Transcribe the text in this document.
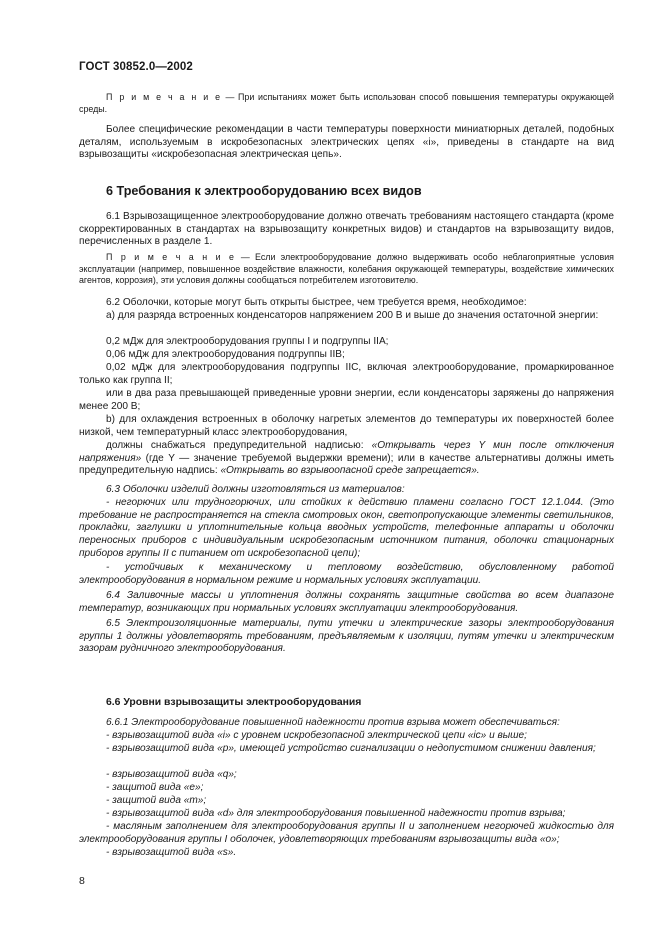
ГОСТ 30852.0—2002

П р и м е ч а н и е — При испытаниях может быть использован способ повышения температуры окружающей среды.

Более специфические рекомендации в части температуры поверхности миниатюрных деталей, подобных деталям, используемым в искробезопасных электрических цепях «i», приведены в стандарте на вид взрывозащиты «искробезопасная электрическая цепь».

6 Требования к электрооборудованию всех видов

6.1 Взрывозащищенное электрооборудование должно отвечать требованиям настоящего стандарта (кроме скорректированных в стандартах на взрывозащиту конкретных видов) и стандартов на взрывозащиту видов, перечисленных в разделе 1.

П р и м е ч а н и е — Если электрооборудование должно выдерживать особо неблагоприятные условия эксплуатации (например, повышенное воздействие влажности, колебания окружающей температуры, воздействие химических агентов, коррозия), эти условия должны сообщаться потребителем изготовителю.

6.2 Оболочки, которые могут быть открыты быстрее, чем требуется время, необходимое:

а) для разряда встроенных конденсаторов напряжением 200 В и выше до значения остаточной энергии:

0,2 мДж для электрооборудования группы I и подгруппы IIA;

0,06 мДж для электрооборудования подгруппы IIB;

0,02 мДж для электрооборудования подгруппы IIC, включая электрооборудование, промаркированное только как группа II;

или в два раза превышающей приведенные уровни энергии, если конденсаторы заряжены до напряжения менее 200 В;

b) для охлаждения встроенных в оболочку нагретых элементов до температуры их поверхностей более низкой, чем температурный класс электрооборудования,

должны снабжаться предупредительной надписью: «Открывать через Y мин после отключения напряжения» (где Y — значение требуемой выдержки времени); или в качестве альтернативы должны иметь предупредительную надпись: «Открывать во взрывоопасной среде запрещается».

6.3 Оболочки изделий должны изготовляться из материалов:

- негорючих или трудногорючих, или стойких к действию пламени согласно ГОСТ 12.1.044. (Это требование не распространяется на стекла смотровых окон, светопропускающие элементы светильников, прокладки, заглушки и уплотнительные кольца вводных устройств, телефонные аппараты и оболочки переносных приборов с индивидуальным искробезопасным источником питания, оболочки стационарных приборов группы II с питанием от искробезопасной цепи);

- устойчивых к механическому и тепловому воздействию, обусловленному работой электрооборудования в нормальном режиме и нормальных условиях эксплуатации.

6.4 Заливочные массы и уплотнения должны сохранять защитные свойства во всем диапазоне температур, возникающих при нормальных условиях эксплуатации электрооборудования.

6.5 Электроизоляционные материалы, пути утечки и электрические зазоры электрооборудования группы 1 должны удовлетворять требованиям, предъявляемым к изоляции, путям утечки и электрическим зазорам рудничного электрооборудования.

6.6 Уровни взрывозащиты электрооборудования

6.6.1 Электрооборудование повышенной надежности против взрыва может обеспечиваться:

- взрывозащитой вида «i» с уровнем искробезопасной электрической цепи «ic» и выше;

- взрывозащитой вида «р», имеющей устройство сигнализации о недопустимом снижении давления;

- взрывозащитой вида «q»;

- защитой вида «е»;

- защитой вида «т»;

- взрывозащитой вида «d» для электрооборудования повышенной надежности против взрыва;

- масляным заполнением для электрооборудования группы II и заполнением негорючей жидкостью для электрооборудования группы I оболочек, удовлетворяющих требованиям взрывозащиты вида «о»;

- взрывозащитой вида «s».

8
